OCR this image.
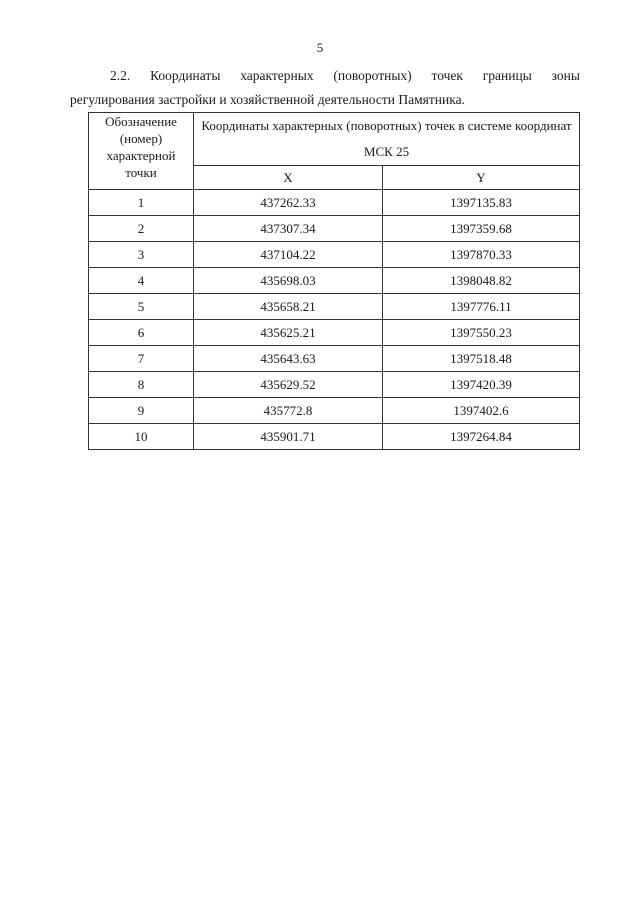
5
2.2. Координаты характерных (поворотных) точек границы зоны
регулирования застройки и хозяйственной деятельности Памятника.
Обозначение
(номер)
характерной
точки	Координаты характерных (поворотных) точек в системе координат МСК 25	
	X	Y
1	437262.33	1397135.83
2	437307.34	1397359.68
3	437104.22	1397870.33
4	435698.03	1398048.82
5	435658.21	1397776.11
6	435625.21	1397550.23
7	435643.63	1397518.48
8	435629.52	1397420.39
9	435772.8	1397402.6
10	435901.71	1397264.84
